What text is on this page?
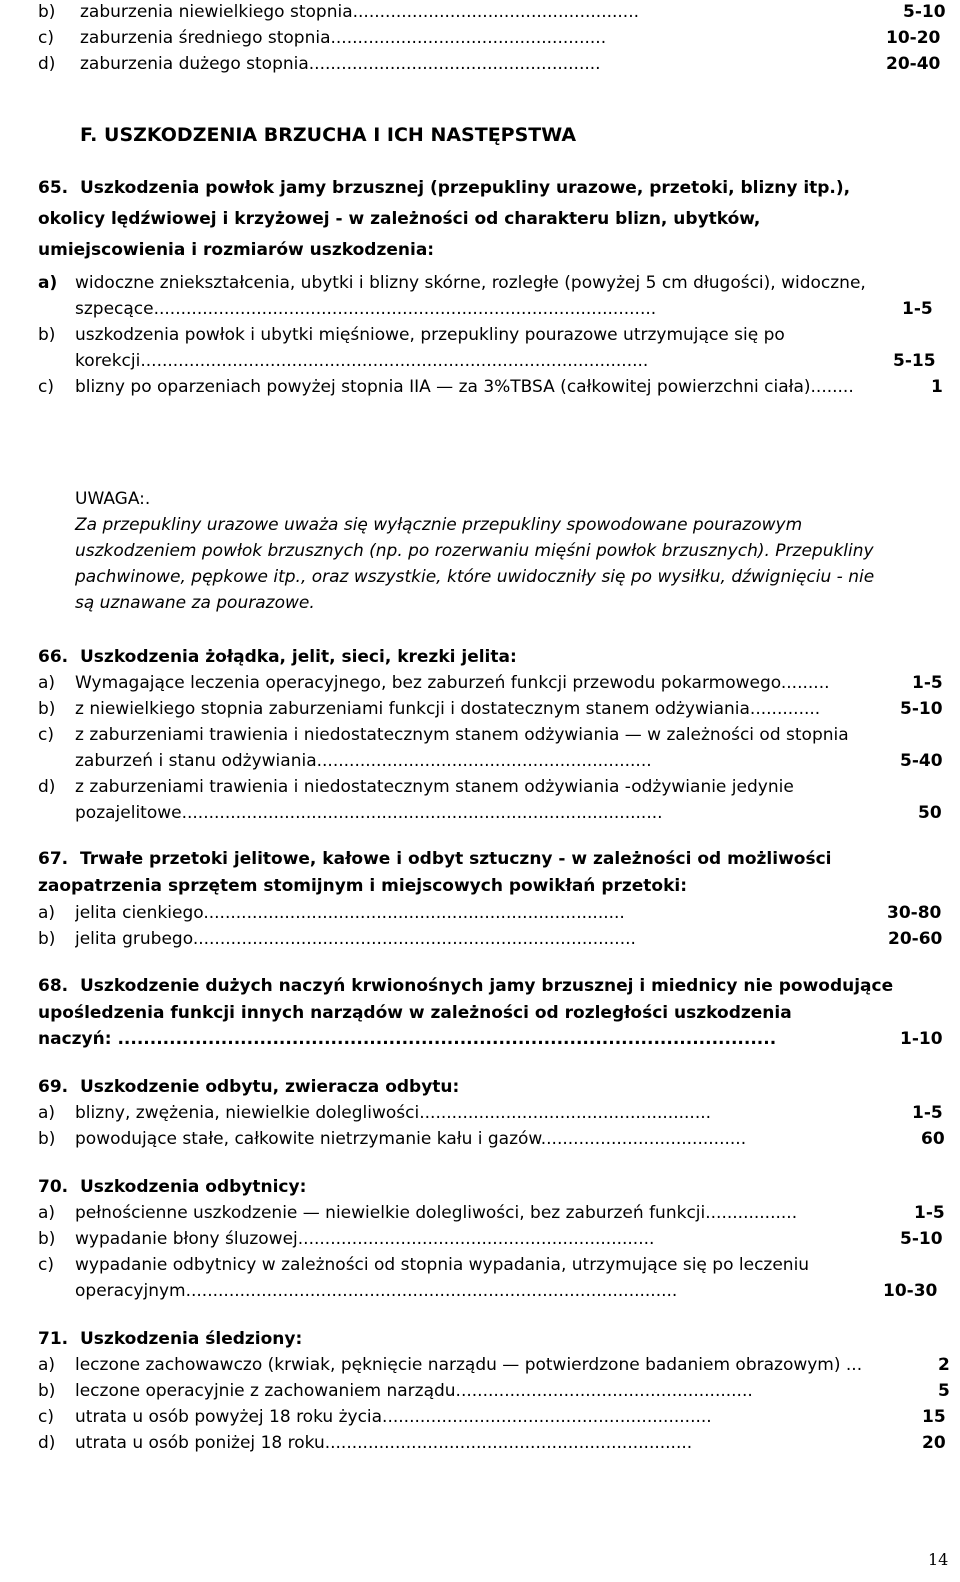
b) zaburzenia niewielkiego stopnia.....................................................	5-10
c) zaburzenia średniego stopnia...................................................	10-20
d) zaburzenia dużego stopnia......................................................	20-40
F. USZKODZENIA BRZUCHA I ICH NASTĘPSTWA
65. Uszkodzenia powłok jamy brzusznej (przepukliny urazowe, przetoki, blizny itp.),
okolicy lędźwiowej i krzyżowej - w zależności od charakteru blizn, ubytków,
umiejscowienia i rozmiarów uszkodzenia:
a) widoczne zniekształcenia, ubytki i blizny skórne, rozległe (powyżej 5 cm długości), widoczne,
szpecące.............................................................................................	1-5
b) uszkodzenia powłok i ubytki mięśniowe, przepukliny pourazowe utrzymujące się po
korekcji..............................................................................................	5-15
c) blizny po oparzeniach powyżej stopnia IIA — za 3%TBSA (całkowitej powierzchni ciała)........	1
UWAGA:.
Za przepukliny urazowe uważa się wyłącznie przepukliny spowodowane pourazowym
uszkodzeniem powłok brzusznych (np. po rozerwaniu mięśni powłok brzusznych). Przepukliny
pachwinowe, pępkowe itp., oraz wszystkie, które uwidoczniły się po wysiłku, dźwignięciu - nie
są uznawane za pourazowe.
66. Uszkodzenia żołądka, jelit, sieci, krezki jelita:
a) Wymagające leczenia operacyjnego, bez zaburzeń funkcji przewodu pokarmowego.........	1-5
b) z niewielkiego stopnia zaburzeniami funkcji i dostatecznym stanem odżywiania.............	5-10
c) z zaburzeniami trawienia i niedostatecznym stanem odżywiania — w zależności od stopnia
zaburzeń i stanu odżywiania..............................................................	5-40
d) z zaburzeniami trawienia i niedostatecznym stanem odżywiania -odżywianie jedynie
pozajelitowe.........................................................................................	50
67. Trwałe przetoki jelitowe, kałowe i odbyt sztuczny - w zależności od możliwości
zaopatrzenia sprzętem stomijnym i miejscowych powikłań przetoki:
a) jelita cienkiego..............................................................................	30-80
b) jelita grubego..................................................................................	20-60
68. Uszkodzenie dużych naczyń krwionośnych jamy brzusznej i miednicy nie powodujące
upośledzenia funkcji innych narządów w zależności od rozległości uszkodzenia
naczyń: ......................................................................................................	1-10
69. Uszkodzenie odbytu, zwieracza odbytu:
a) blizny, zwężenia, niewielkie dolegliwości......................................................	1-5
b) powodujące stałe, całkowite nietrzymanie kału i gazów......................................	60
70. Uszkodzenia odbytnicy:
a) pełnościenne uszkodzenie — niewielkie dolegliwości, bez zaburzeń funkcji.................	1-5
b) wypadanie błony śluzowej..................................................................	5-10
c) wypadanie odbytnicy w zależności od stopnia wypadania, utrzymujące się po leczeniu
operacyjnym...........................................................................................	10-30
71. Uszkodzenia śledziony:
a) leczone zachowawczo (krwiak, pęknięcie narządu — potwierdzone badaniem obrazowym) ...	2
b) leczone operacyjnie z zachowaniem narządu.......................................................	5
c) utrata u osób powyżej 18 roku życia.............................................................	15
d) utrata u osób poniżej 18 roku....................................................................	20
14
